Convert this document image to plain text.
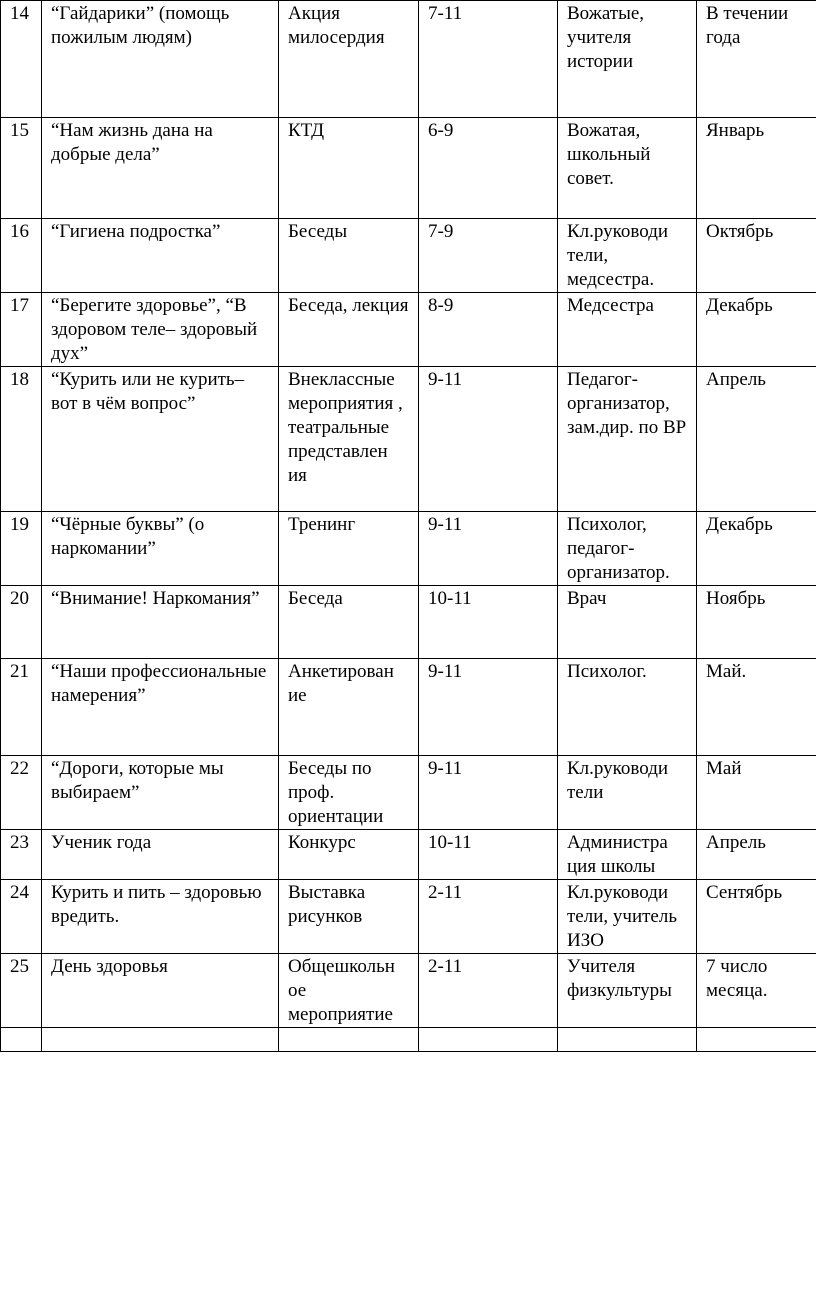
14	“Гайдарики” (помощь пожилым людям)	Акция милосердия	7-11	Вожатые, учителя истории	В течении года
15	“Нам жизнь дана на добрые дела”	КТД	6-9	Вожатая, школьный совет.	Январь
16	“Гигиена подростка”	Беседы	7-9	Кл.руководи тели, медсестра.	Октябрь
17	“Берегите здоровье”, “В здоровом теле– здоровый дух”	Беседа, лекция	8-9	Медсестра	Декабрь
18	“Курить или не курить– вот в чём вопрос”	Внеклассные мероприятия , театральные представлен ия	9-11	Педагог-организатор, зам.дир. по ВР	Апрель
19	“Чёрные буквы” (о наркомании”	Тренинг	9-11	Психолог, педагог-организатор.	Декабрь
20	“Внимание! Наркомания”	Беседа	10-11	Врач	Ноябрь
21	“Наши профессиональные намерения”	Анкетирован ие	9-11	Психолог.	Май.
22	“Дороги, которые мы выбираем”	Беседы по проф. ориентации	9-11	Кл.руководи тели	Май
23	Ученик года	Конкурс	10-11	Администра ция школы	Апрель
24	Курить и пить – здоровью вредить.	Выставка рисунков	2-11	Кл.руководи тели, учитель ИЗО	Сентябрь
25	День здоровья	Общешкольн ое мероприятие	2-11	Учителя физкультуры	7 число месяца.
